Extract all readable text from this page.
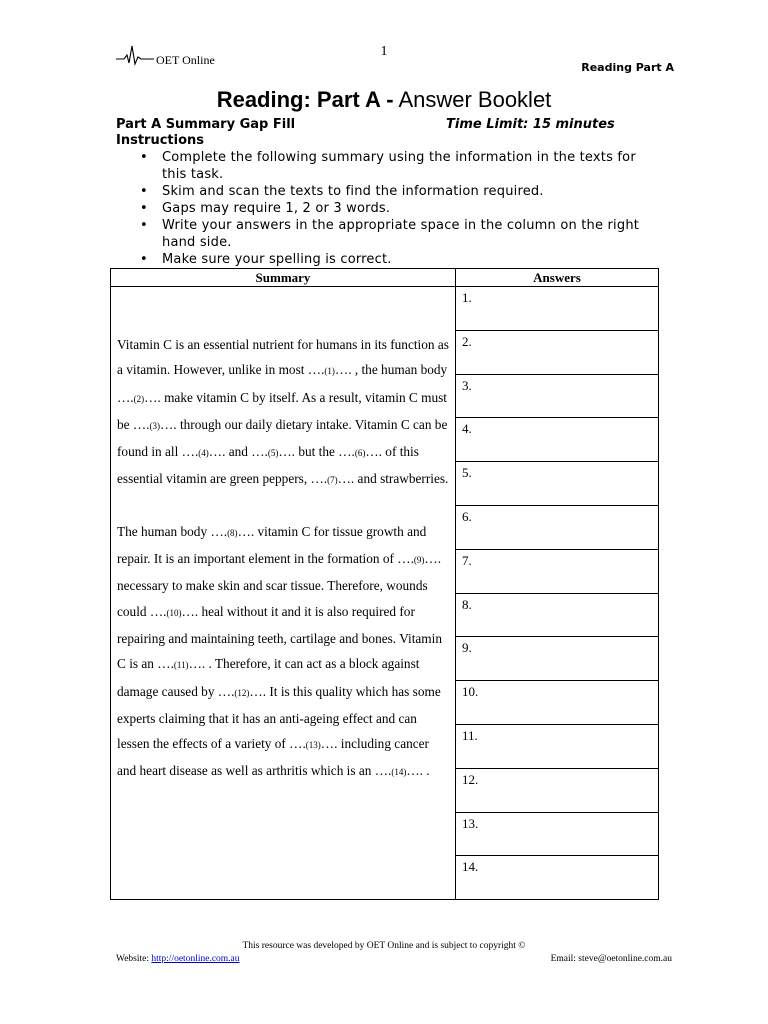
1
OET Online
Reading Part A
Reading: Part A - Answer Booklet
Part A Summary Gap Fill	Time Limit: 15 minutes
Instructions
• Complete the following summary using the information in the texts for this task.
• Skim and scan the texts to find the information required.
• Gaps may require 1, 2 or 3 words.
• Write your answers in the appropriate space in the column on the right hand side.
• Make sure your spelling is correct.
Summary	Answers

Vitamin C is an essential nutrient for humans in its function as a vitamin. However, unlike in most ….(1)…. , the human body ….(2)…. make vitamin C by itself. As a result, vitamin C must be ….(3)…. through our daily dietary intake. Vitamin C can be found in all ….(4)…. and ….(5)…. but the ….(6)…. of this essential vitamin are green peppers, ….(7)…. and strawberries.

The human body ….(8)…. vitamin C for tissue growth and repair. It is an important element in the formation of ….(9)…. necessary to make skin and scar tissue. Therefore, wounds could ….(10)…. heal without it and it is also required for repairing and maintaining teeth, cartilage and bones. Vitamin C is an ….(11)…. . Therefore, it can act as a block against damage caused by ….(12)…. It is this quality which has some experts claiming that it has an anti-ageing effect and can lessen the effects of a variety of ….(13)…. including cancer and heart disease as well as arthritis which is an ….(14)…. .	1.

	2.

	3.

	4.

	5.

	6.

	7.

	8.

	9.

	10.

	11.

	12.

	13.

	14.
This resource was developed by OET Online and is subject to copyright ©
Website: http://oetonline.com.au	Email: steve@oetonline.com.au
